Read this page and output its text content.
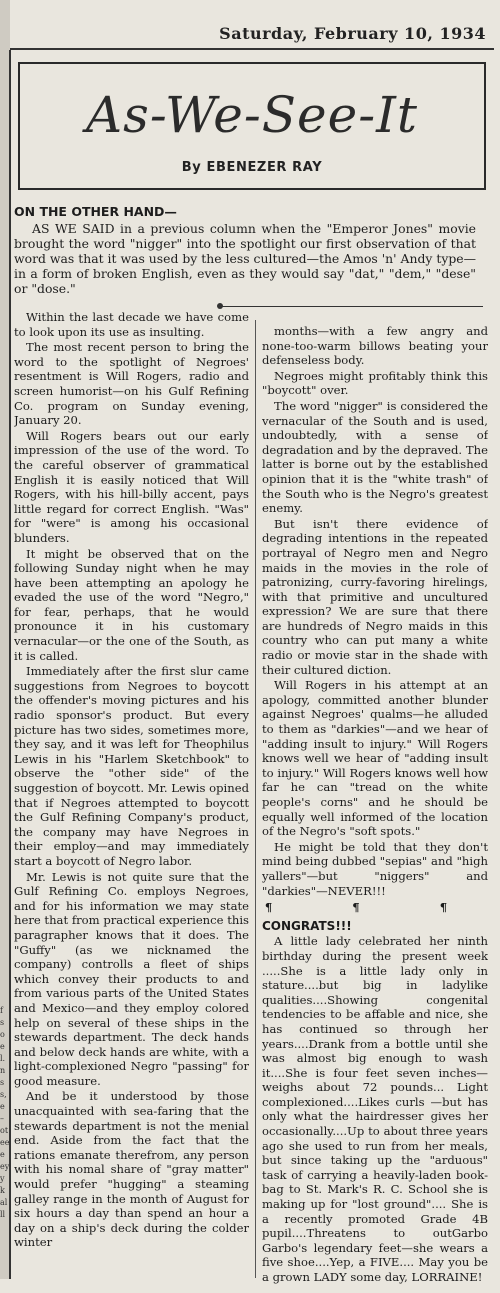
f
s
o
e
l.
n
s
s,
e
–
ot
ee
e
ey
y
k
al
ll
Saturday, February 10, 1934
As-We-See-It
By EBENEZER RAY
ON THE OTHER HAND—

AS WE SAID in a previous column when the "Emperor Jones" movie brought the word "nigger" into the spotlight our first observation of that word was that it was used by the less cultured—the Amos 'n' Andy type—in a form of broken English, even as they would say "dat," "dem," "dese" or "dose."

Within the last decade we have come to look upon its use as insulting.

The most recent person to bring the word to the spotlight of Negroes' resentment is Will Rogers, radio and screen humorist—on his Gulf Refining Co. program on Sunday evening, January 20.

Will Rogers bears out our early impression of the use of the word. To the careful observer of grammatical English it is easily noticed that Will Rogers, with his hill-billy accent, pays little regard for correct English. "Was" for "were" is among his occasional blunders.

It might be observed that on the following Sunday night when he may have been attempting an apology he evaded the use of the word "Negro," for fear, perhaps, that he would pronounce it in his customary vernacular—or the one of the South, as it is called.

Immediately after the first slur came suggestions from Negroes to boycott the offender's moving pictures and his radio sponsor's product. But every picture has two sides, sometimes more, they say, and it was left for Theophilus Lewis in his "Harlem Sketchbook" to observe the "other side" of the suggestion of boycott. Mr. Lewis opined that if Negroes attempted to boycott the Gulf Refining Company's product, the company may have Negroes in their employ—and may immediately start a boycott of Negro labor.

Mr. Lewis is not quite sure that the Gulf Refining Co. employs Negroes, and for his information we may state here that from practical experience this paragrapher knows that it does. The "Guffy" (as we nicknamed the company) controlls a fleet of ships which convey their products to and from various parts of the United States and Mexico—and they employ colored help on several of these ships in the stewards department. The deck hands and below deck hands are white, with a light-complexioned Negro "passing" for good measure.

And be it understood by those unacquainted with sea-faring that the stewards department is not the menial end. Aside from the fact that the rations emanate therefrom, any person with his nomal share of "gray matter" would prefer "hugging" a steaming galley range in the month of August for six hours a day than spend an hour a day on a ship's deck during the colder winter

months—with a few angry and none-too-warm billows beating your defenseless body.

Negroes might profitably think this "boycott" over.

The word "nigger" is considered the vernacular of the South and is used, undoubtedly, with a sense of degradation and by the depraved. The latter is borne out by the established opinion that it is the "white trash" of the South who is the Negro's greatest enemy.

But isn't there evidence of degrading intentions in the repeated portrayal of Negro men and Negro maids in the movies in the role of patronizing, curry-favoring hirelings, with that primitive and uncultured expression? We are sure that there are hundreds of Negro maids in this country who can put many a white radio or movie star in the shade with their cultured diction.

Will Rogers in his attempt at an apology, committed another blunder against Negroes' qualms—he alluded to them as "darkies"—and we hear of "adding insult to injury." Will Rogers knows well we hear of "adding insult to injury." Will Rogers knows well how far he can "tread on the white people's corns" and he should be equally well informed of the location of the Negro's "soft spots."

He might be told that they don't mind being dubbed "sepias" and "high yallers"—but "niggers" and "darkies"—NEVER!!!

¶ ¶ ¶

CONGRATS!!!

A little lady celebrated her ninth birthday during the present week .....She is a little lady only in stature....but big in ladylike qualities....Showing congenital tendencies to be affable and nice, she has continued so through her years....Drank from a bottle until she was almost big enough to wash it....She is four feet seven inches—weighs about 72 pounds... Light complexioned....Likes curls —but has only what the hairdresser gives her occasionally....Up to about three years ago she used to run from her meals, but since taking up the "arduous" task of carrying a heavily-laden book-bag to St. Mark's R. C. School she is making up for "lost ground".... She is a recently promoted Grade 4B pupil....Threatens to outGarbo Garbo's legendary feet—she wears a five shoe....Yep, a FIVE.... May you be a grown LADY some day, LORRAINE!
